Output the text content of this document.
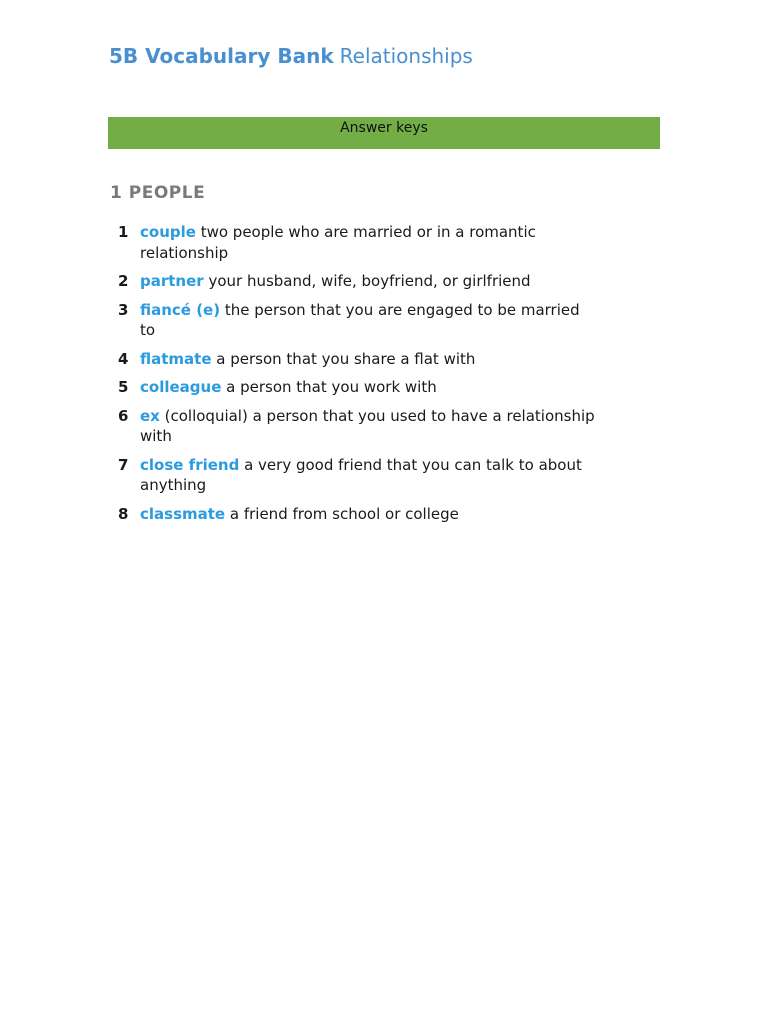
5B Vocabulary Bank Relationships
Answer keys
1 PEOPLE
1 couple two people who are married or in a romantic relationship
2 partner your husband, wife, boyfriend, or girlfriend
3 fiancé (e) the person that you are engaged to be married to
4 flatmate a person that you share a flat with
5 colleague a person that you work with
6 ex (colloquial) a person that you used to have a relationship with
7 close friend a very good friend that you can talk to about anything
8 classmate a friend from school or college
